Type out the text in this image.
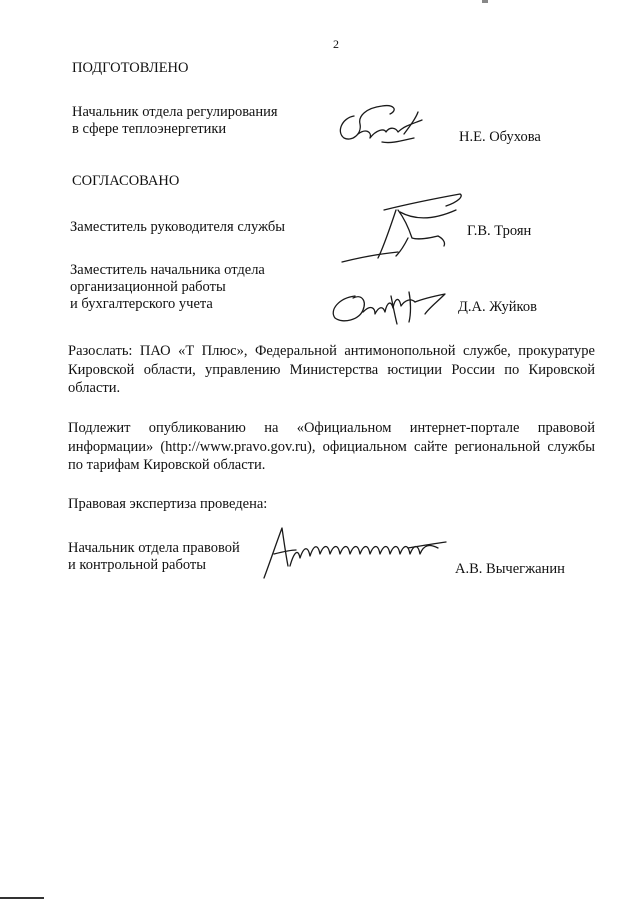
2
ПОДГОТОВЛЕНО
Начальник отдела регулирования
в сфере теплоэнергетики	Н.Е. Обухова
СОГЛАСОВАНО
Заместитель руководителя службы	Г.В. Троян
Заместитель начальника отдела
организационной работы
и бухгалтерского учета	Д.А. Жуйков
Разослать: ПАО «Т Плюс», Федеральной антимонопольной службе, прокуратуре Кировской области, управлению Министерства юстиции России по Кировской области.
Подлежит опубликованию на «Официальном интернет-портале правовой информации» (http://www.pravo.gov.ru), официальном сайте региональной службы по тарифам Кировской области.
Правовая экспертиза проведена:
Начальник отдела правовой
и контрольной работы	А.В. Вычегжанин
